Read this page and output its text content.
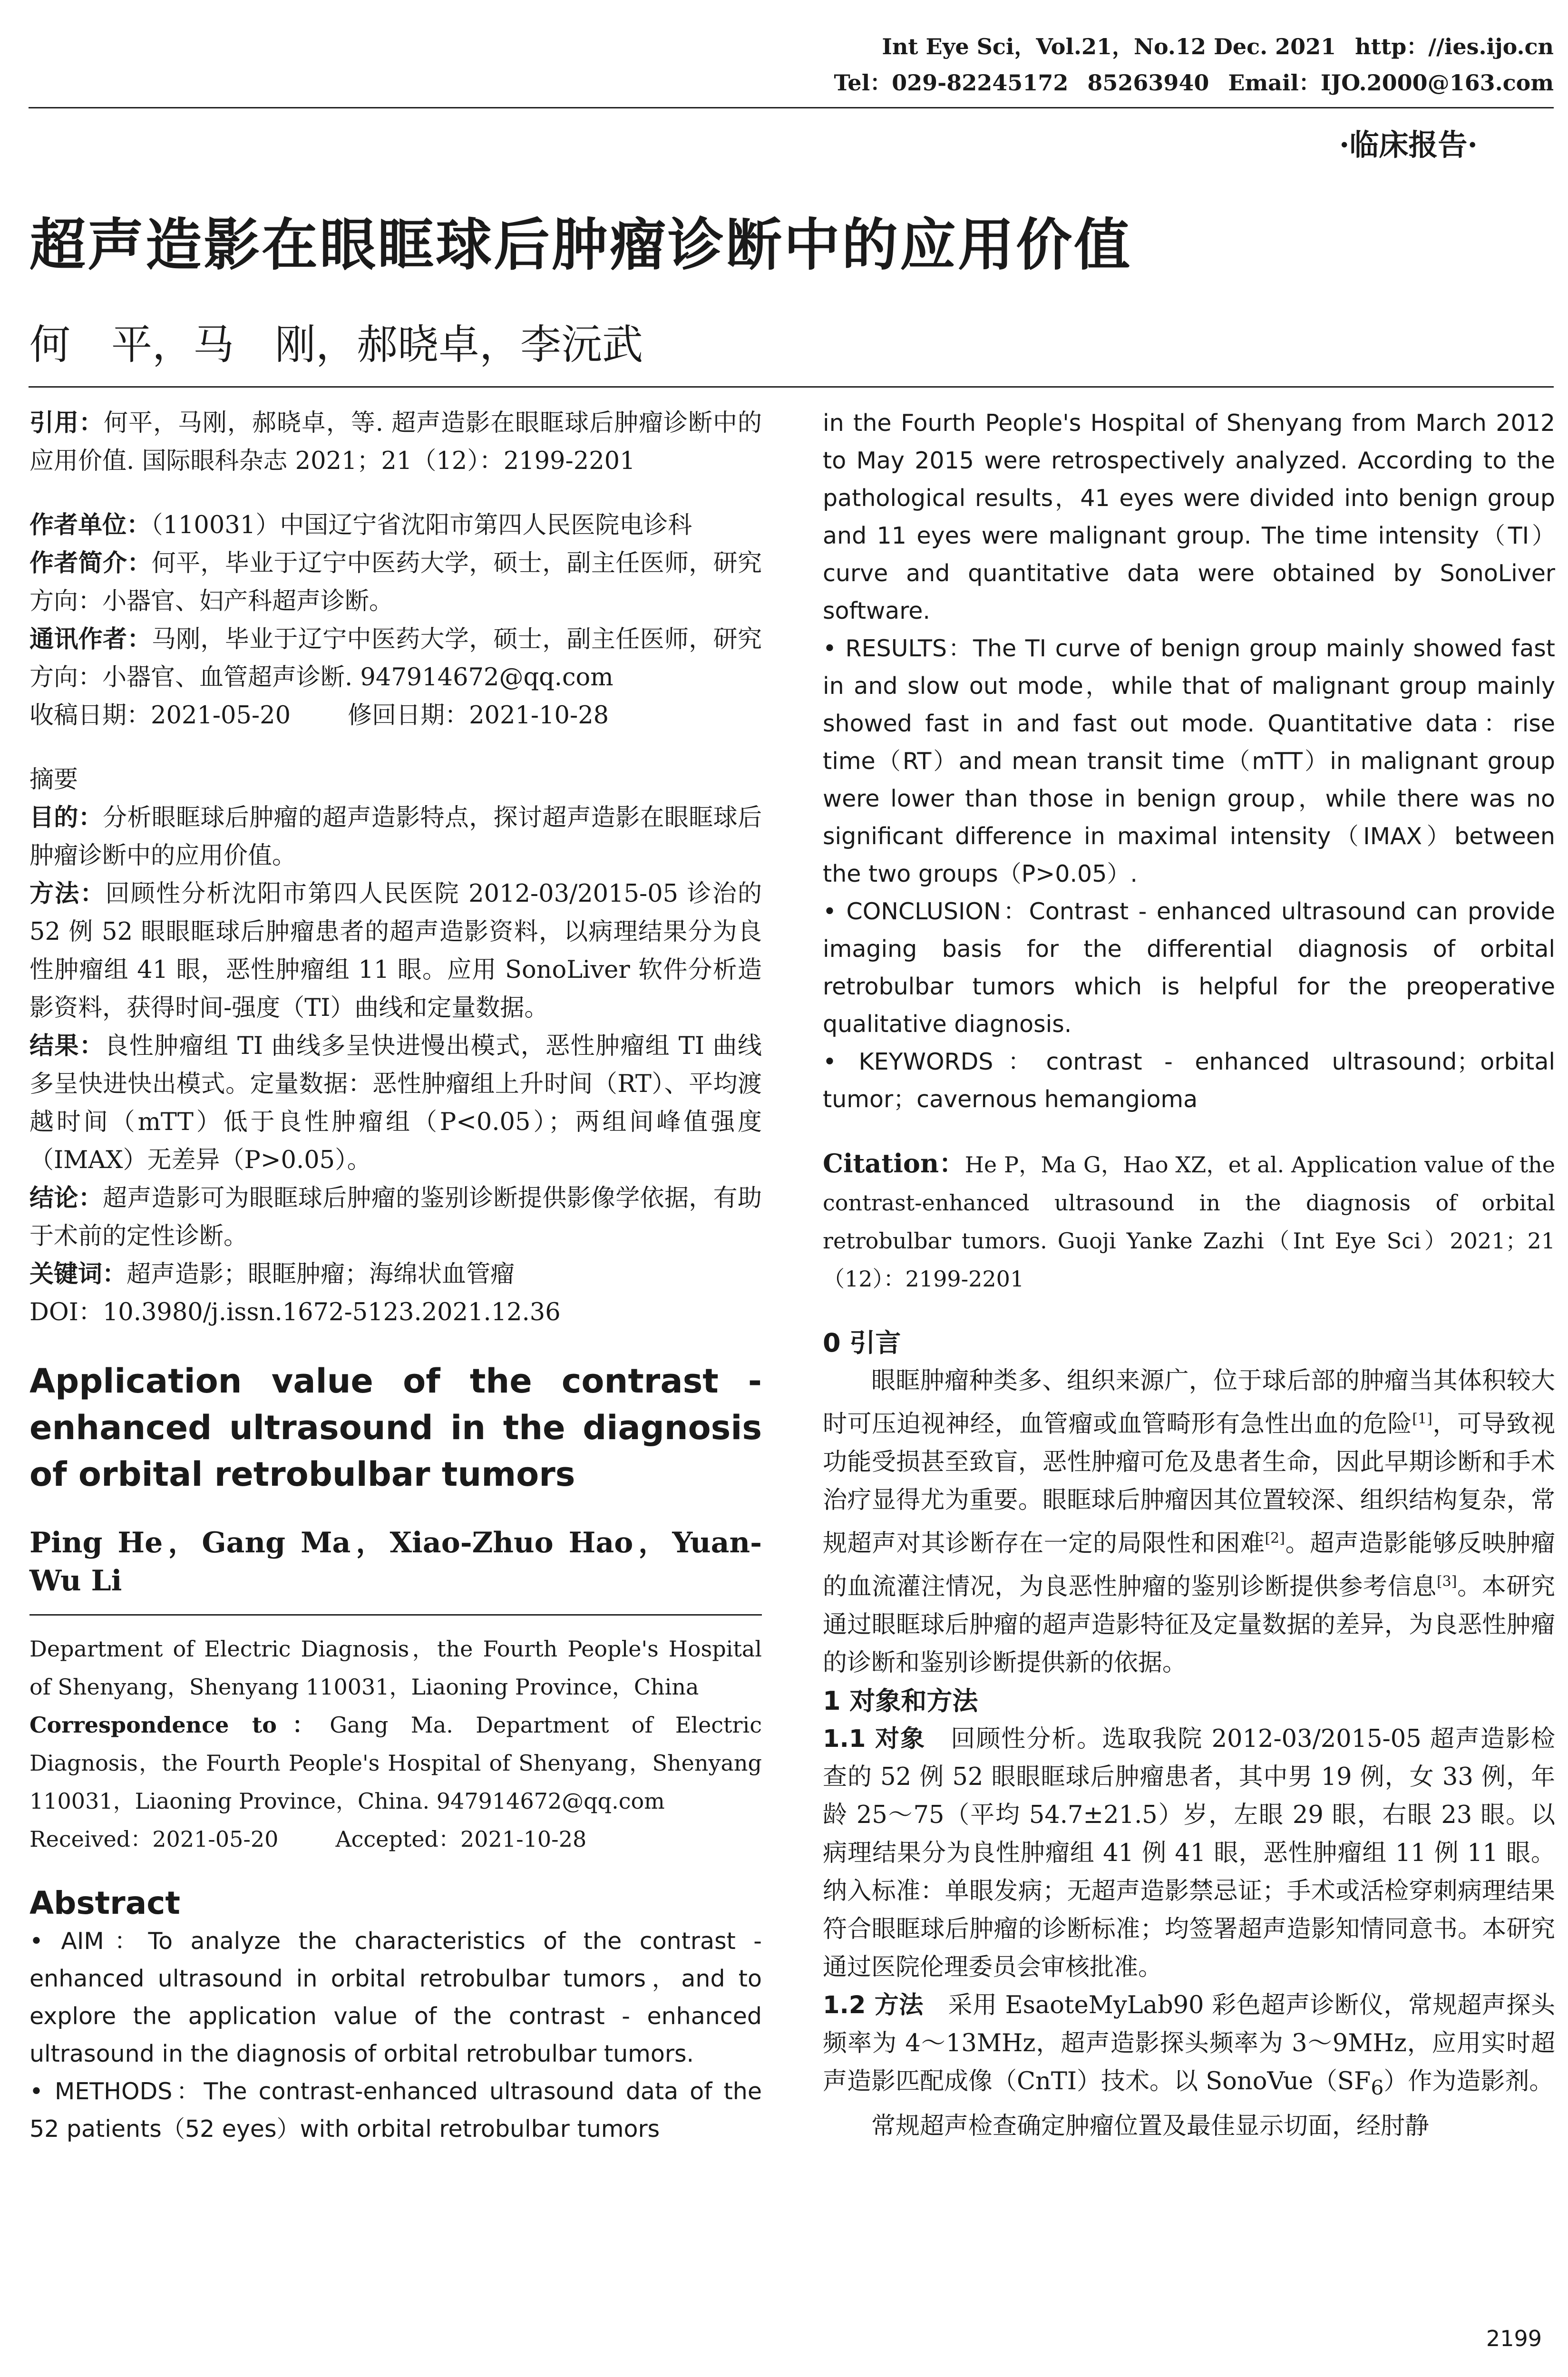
Int Eye Sci，Vol.21，No.12 Dec. 2021 http：//ies.ijo.cn
Tel：029-82245172 85263940 Email：IJO.2000@163.com
·临床报告·
超声造影在眼眶球后肿瘤诊断中的应用价值
何　平，马　刚，郝晓卓，李沅武

引用：何平，马刚，郝晓卓，等. 超声造影在眼眶球后肿瘤诊断中的应用价值. 国际眼科杂志 2021；21（12）：2199-2201

作者单位：（110031）中国辽宁省沈阳市第四人民医院电诊科

作者简介：何平，毕业于辽宁中医药大学，硕士，副主任医师，研究方向：小器官、妇产科超声诊断。

通讯作者：马刚，毕业于辽宁中医药大学，硕士，副主任医师，研究方向：小器官、血管超声诊断. 947914672@qq.com

收稿日期：2021-05-20 修回日期：2021-10-28

摘要

目的：分析眼眶球后肿瘤的超声造影特点，探讨超声造影在眼眶球后肿瘤诊断中的应用价值。

方法：回顾性分析沈阳市第四人民医院 2012-03/2015-05 诊治的 52 例 52 眼眼眶球后肿瘤患者的超声造影资料，以病理结果分为良性肿瘤组 41 眼，恶性肿瘤组 11 眼。应用 SonoLiver 软件分析造影资料，获得时间-强度（TI）曲线和定量数据。

结果：良性肿瘤组 TI 曲线多呈快进慢出模式，恶性肿瘤组 TI 曲线多呈快进快出模式。定量数据：恶性肿瘤组上升时间（RT）、平均渡越时间（mTT）低于良性肿瘤组（P<0.05）；两组间峰值强度（IMAX）无差异（P>0.05）。

结论：超声造影可为眼眶球后肿瘤的鉴别诊断提供影像学依据，有助于术前的定性诊断。

关键词：超声造影；眼眶肿瘤；海绵状血管瘤

DOI：10.3980/j.issn.1672-5123.2021.12.36

Application value of the contrast - enhanced ultrasound in the diagnosis of orbital retrobulbar tumors

Ping He，Gang Ma，Xiao-Zhuo Hao，Yuan-Wu Li

Department of Electric Diagnosis，the Fourth People's Hospital of Shenyang，Shenyang 110031，Liaoning Province，China

Correspondence to：Gang Ma. Department of Electric Diagnosis，the Fourth People's Hospital of Shenyang，Shenyang 110031，Liaoning Province，China. 947914672@qq.com

Received：2021-05-20	Accepted：2021-10-28

Abstract

• AIM：To analyze the characteristics of the contrast - enhanced ultrasound in orbital retrobulbar tumors，and to explore the application value of the contrast - enhanced ultrasound in the diagnosis of orbital retrobulbar tumors.

• METHODS：The contrast-enhanced ultrasound data of the 52 patients（52 eyes）with orbital retrobulbar tumors

in the Fourth People's Hospital of Shenyang from March 2012 to May 2015 were retrospectively analyzed. According to the pathological results，41 eyes were divided into benign group and 11 eyes were malignant group. The time intensity（TI）curve and quantitative data were obtained by SonoLiver software.

• RESULTS：The TI curve of benign group mainly showed fast in and slow out mode，while that of malignant group mainly showed fast in and fast out mode. Quantitative data：rise time（RT）and mean transit time（mTT）in malignant group were lower than those in benign group，while there was no significant difference in maximal intensity（IMAX）between the two groups（P>0.05）.

• CONCLUSION：Contrast - enhanced ultrasound can provide imaging basis for the differential diagnosis of orbital retrobulbar tumors which is helpful for the preoperative qualitative diagnosis.

• KEYWORDS：contrast - enhanced ultrasound；orbital tumor；cavernous hemangioma

Citation：He P，Ma G，Hao XZ，et al. Application value of the contrast-enhanced ultrasound in the diagnosis of orbital retrobulbar tumors. Guoji Yanke Zazhi（Int Eye Sci）2021；21（12）：2199-2201

0 引言

眼眶肿瘤种类多、组织来源广，位于球后部的肿瘤当其体积较大时可压迫视神经，血管瘤或血管畸形有急性出血的危险[1]，可导致视功能受损甚至致盲，恶性肿瘤可危及患者生命，因此早期诊断和手术治疗显得尤为重要。眼眶球后肿瘤因其位置较深、组织结构复杂，常规超声对其诊断存在一定的局限性和困难[2]。超声造影能够反映肿瘤的血流灌注情况，为良恶性肿瘤的鉴别诊断提供参考信息[3]。本研究通过眼眶球后肿瘤的超声造影特征及定量数据的差异，为良恶性肿瘤的诊断和鉴别诊断提供新的依据。

1 对象和方法

1.1 对象　回顾性分析。选取我院 2012-03/2015-05 超声造影检查的 52 例 52 眼眼眶球后肿瘤患者，其中男 19 例，女 33 例，年龄 25～75（平均 54.7±21.5）岁，左眼 29 眼，右眼 23 眼。以病理结果分为良性肿瘤组 41 例 41 眼，恶性肿瘤组 11 例 11 眼。纳入标准：单眼发病；无超声造影禁忌证；手术或活检穿刺病理结果符合眼眶球后肿瘤的诊断标准；均签署超声造影知情同意书。本研究通过医院伦理委员会审核批准。

1.2 方法　采用 EsaoteMyLab90 彩色超声诊断仪，常规超声探头频率为 4～13MHz，超声造影探头频率为 3～9MHz，应用实时超声造影匹配成像（CnTI）技术。以 $SonoVue(SF_6)$作为造影剂。

常规超声检查确定肿瘤位置及最佳显示切面，经肘静

2199
